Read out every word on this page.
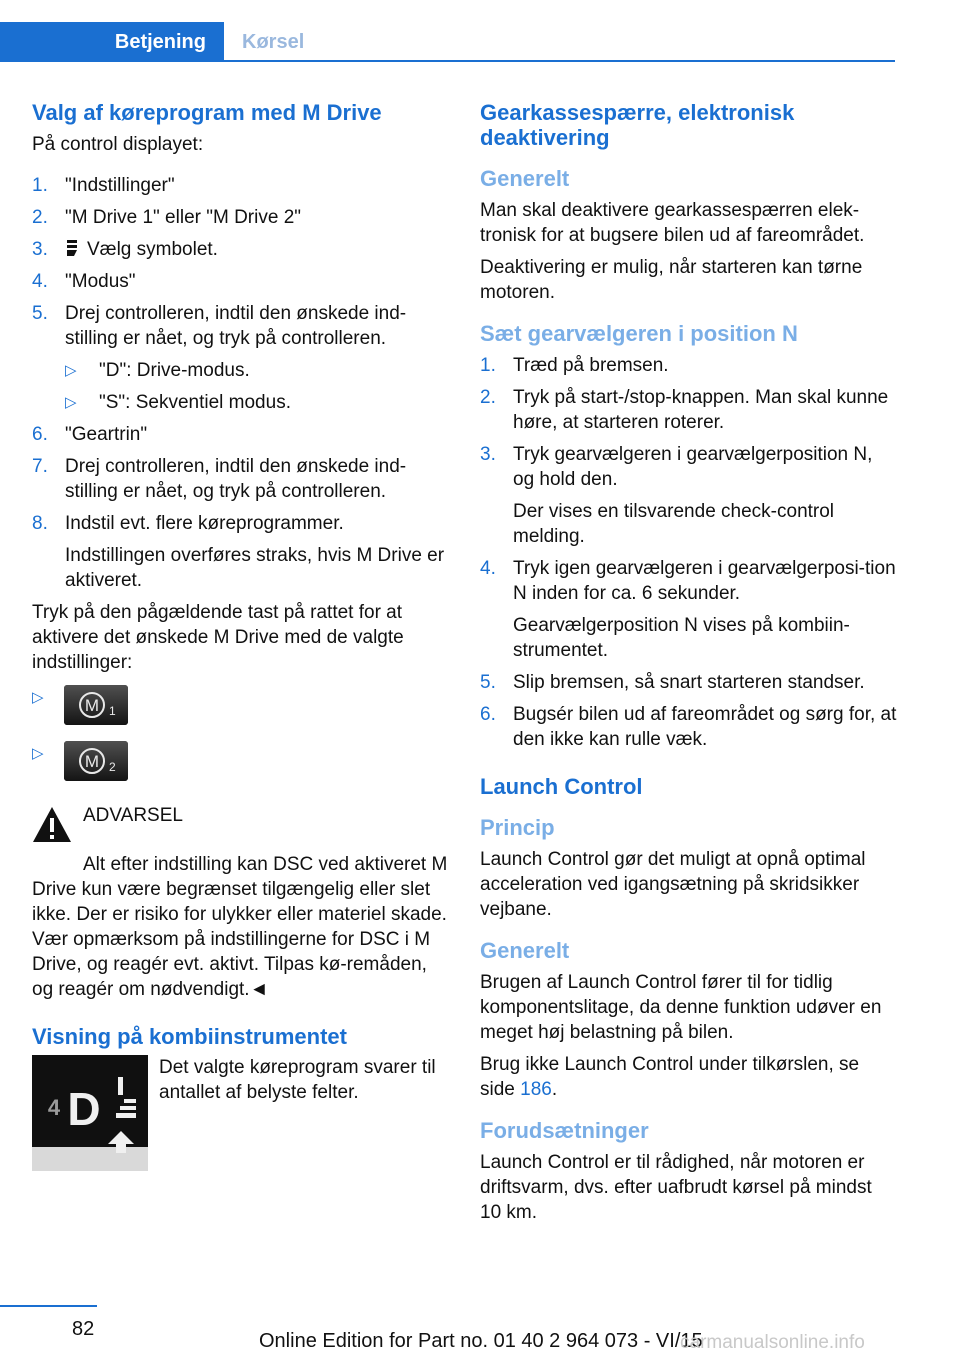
Betjening	Kørsel
Valg af køreprogram med M Drive

På control displayet:

1. "Indstillinger"
2. "M Drive 1" eller "M Drive 2"
3.	Vælg symbolet.
4. "Modus"
5. Drej controlleren, indtil den ønskede ind-stilling er nået, og tryk på controlleren.
▷	"D": Drive-modus.
▷	"S": Sekventiel modus.
6. "Geartrin"
7. Drej controlleren, indtil den ønskede ind-stilling er nået, og tryk på controlleren.
8. Indstil evt. flere køreprogrammer.
Indstillingen overføres straks, hvis M Drive er aktiveret.

Tryk på den pågældende tast på rattet for at aktivere det ønskede M Drive med de valgte indstillinger:

▷	M 1
▷	M 2

ADVARSEL

Alt efter indstilling kan DSC ved aktiveret M Drive kun være begrænset tilgængelig eller slet ikke. Der er risiko for ulykker eller materiel skade. Vær opmærksom på indstillingerne for DSC i M Drive, og reagér evt. aktivt. Tilpas kø-remåden, og reagér om nødvendigt.◄

Visning på kombiinstrumentet
4 D

Det valgte køreprogram svarer til antallet af belyste felter.

Gearkassespærre, elektronisk deaktivering
Generelt

Man skal deaktivere gearkassespærren elek-tronisk for at bugsere bilen ud af fareområdet.

Deaktivering er mulig, når starteren kan tørne motoren.

Sæt gearvælgeren i position N
1. Træd på bremsen.
2. Tryk på start-/stop-knappen. Man skal kunne høre, at starteren roterer.
3. Tryk gearvælgeren i gearvælgerposition N, og hold den.
Der vises en tilsvarende check-control melding.
4. Tryk igen gearvælgeren i gearvælgerposi-tion N inden for ca. 6 sekunder.
Gearvælgerposition N vises på kombiin-strumentet.
5. Slip bremsen, så snart starteren standser.
6. Bugsér bilen ud af fareområdet og sørg for, at den ikke kan rulle væk.
Launch Control
Princip

Launch Control gør det muligt at opnå optimal acceleration ved igangsætning på skridsikker vejbane.

Generelt

Brugen af Launch Control fører til for tidlig komponentslitage, da denne funktion udøver en meget høj belastning på bilen.

Brug ikke Launch Control under tilkørslen, se side 186.

Forudsætninger

Launch Control er til rådighed, når motoren er driftsvarm, dvs. efter uafbrudt kørsel på mindst 10 km.

82
Online Edition for Part no. 01 40 2 964 073 - VI/15
carmanualsonline.info
